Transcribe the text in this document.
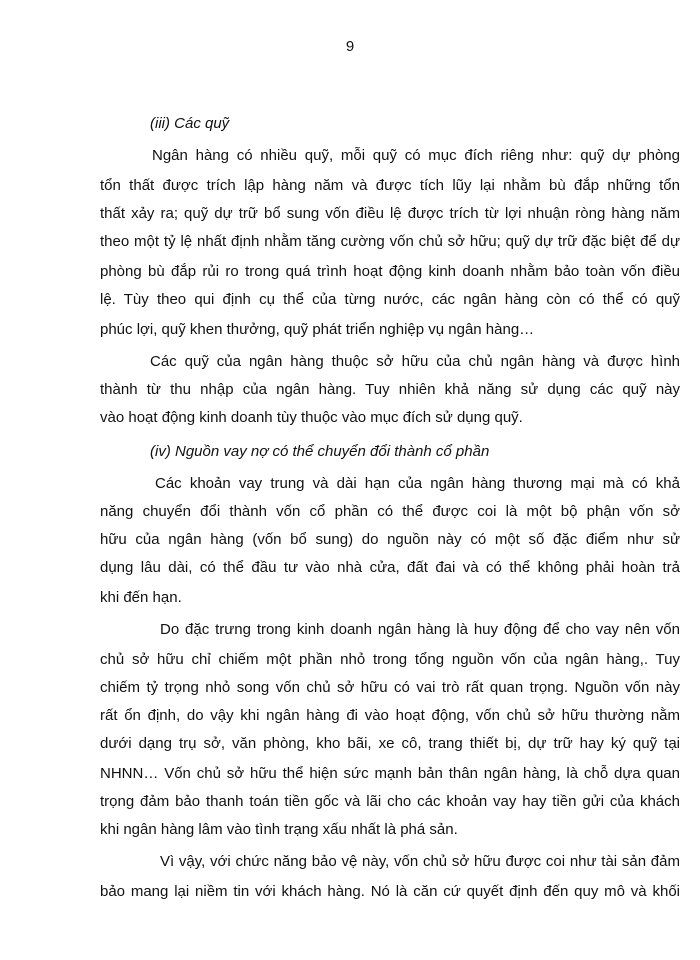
9
(iii) Các quỹ
Ngân hàng có nhiều quỹ, mỗi quỹ có mục đích riêng như: quỹ dự phòng
tổn thất được trích lập hàng năm và được tích lũy lại nhằm bù đắp những tổn
thất xảy ra; quỹ dự trữ bổ sung vốn điều lệ được trích từ lợi nhuận ròng hàng năm
theo một tỷ lệ nhất định nhằm tăng cường vốn chủ sở hữu; quỹ dự trữ đặc biệt để dự
phòng bù đắp rủi ro trong quá trình hoạt động kinh doanh nhằm bảo toàn vốn điều
lệ. Tùy theo qui định cụ thể của từng nước, các ngân hàng còn có thể có quỹ
phúc lợi, quỹ khen thưởng, quỹ phát triển nghiệp vụ ngân hàng…
Các quỹ của ngân hàng thuộc sở hữu của chủ ngân hàng và được hình
thành từ thu nhập của ngân hàng. Tuy nhiên khả năng sử dụng các quỹ này
vào hoạt động kinh doanh tùy thuộc vào mục đích sử dụng quỹ.
(iv) Nguồn vay nợ có thể chuyển đổi thành cổ phần
Các khoản vay trung và dài hạn của ngân hàng thương mại mà có khả
năng chuyển đổi thành vốn cổ phần có thể được coi là một bộ phận vốn sở
hữu của ngân hàng (vốn bổ sung) do nguồn này có một số đặc điểm như sử
dụng lâu dài, có thể đầu tư vào nhà cửa, đất đai và có thể không phải hoàn trả
khi đến hạn.
Do đặc trưng trong kinh doanh ngân hàng là huy động để cho vay nên vốn
chủ sở hữu chỉ chiếm một phần nhỏ trong tổng nguồn vốn của ngân hàng,. Tuy
chiếm tỷ trọng nhỏ song vốn chủ sở hữu có vai trò rất quan trọng. Nguồn vốn này
rất ổn định, do vậy khi ngân hàng đi vào hoạt động, vốn chủ sở hữu thường nằm
dưới dạng trụ sở, văn phòng, kho bãi, xe cô, trang thiết bị, dự trữ hay ký quỹ tại
NHNN… Vốn chủ sở hữu thể hiện sức mạnh bản thân ngân hàng, là chỗ dựa quan
trọng đảm bảo thanh toán tiền gốc và lãi cho các khoản vay hay tiền gửi của khách
khi ngân hàng lâm vào tình trạng xấu nhất là phá sản.
Vì vậy, với chức năng bảo vệ này, vốn chủ sở hữu được coi như tài sản đảm
bảo mang lại niềm tin với khách hàng. Nó là căn cứ quyết định đến quy mô và khối
